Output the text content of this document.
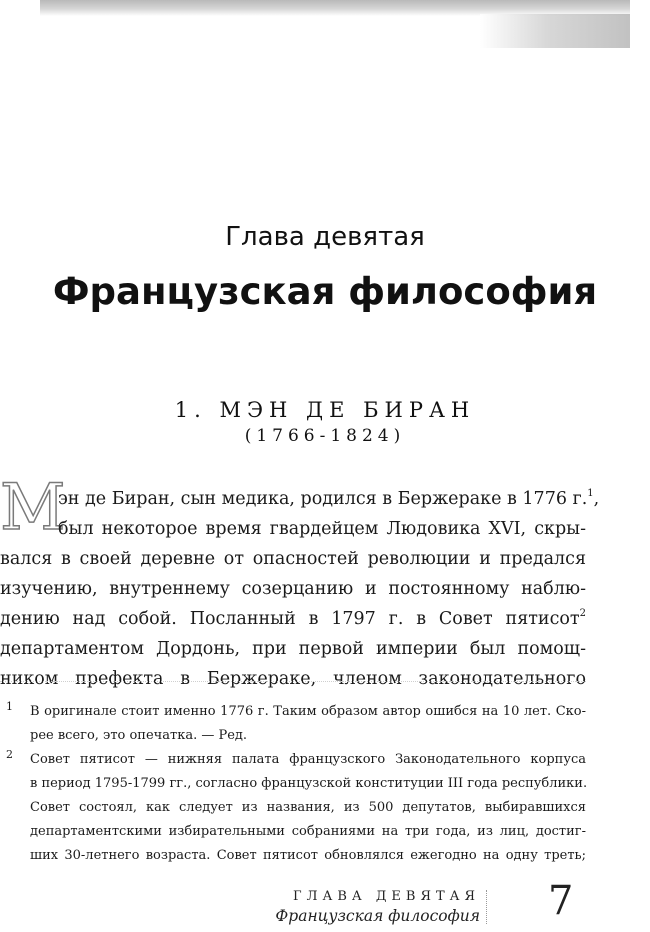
Глава девятая
Французская философия
1. МЭН ДЕ БИРАН
(1766-1824)
М
эн де Биран, сын медика, родился в Бержераке в 1776 г.$^1$,
был некоторое время гвардейцем Людовика XVI, скры-
вался в своей деревне от опасностей революции и предался
изучению, внутреннему созерцанию и постоянному наблю-
дению над собой. Посланный в 1797 г. в Совет пятисот$^2$
департаментом Дордонь, при первой империи был помощ-
ником префекта в Бержераке, членом законодательного
1 В оригинале стоит именно 1776 г. Таким образом автор ошибся на 10 лет. Ско-
рее всего, это опечатка. — Ред.
2 Совет пятисот — нижняя палата французского Законодательного корпуса
в период 1795-1799 гг., согласно французской конституции III года республики.
Совет состоял, как следует из названия, из 500 депутатов, выбиравшихся
департаментскими избирательными собраниями на три года, из лиц, достиг-
ших 30-летнего возраста. Совет пятисот обновлялся ежегодно на одну треть;
ГЛАВА ДЕВЯТАЯ
Французская философия 7
